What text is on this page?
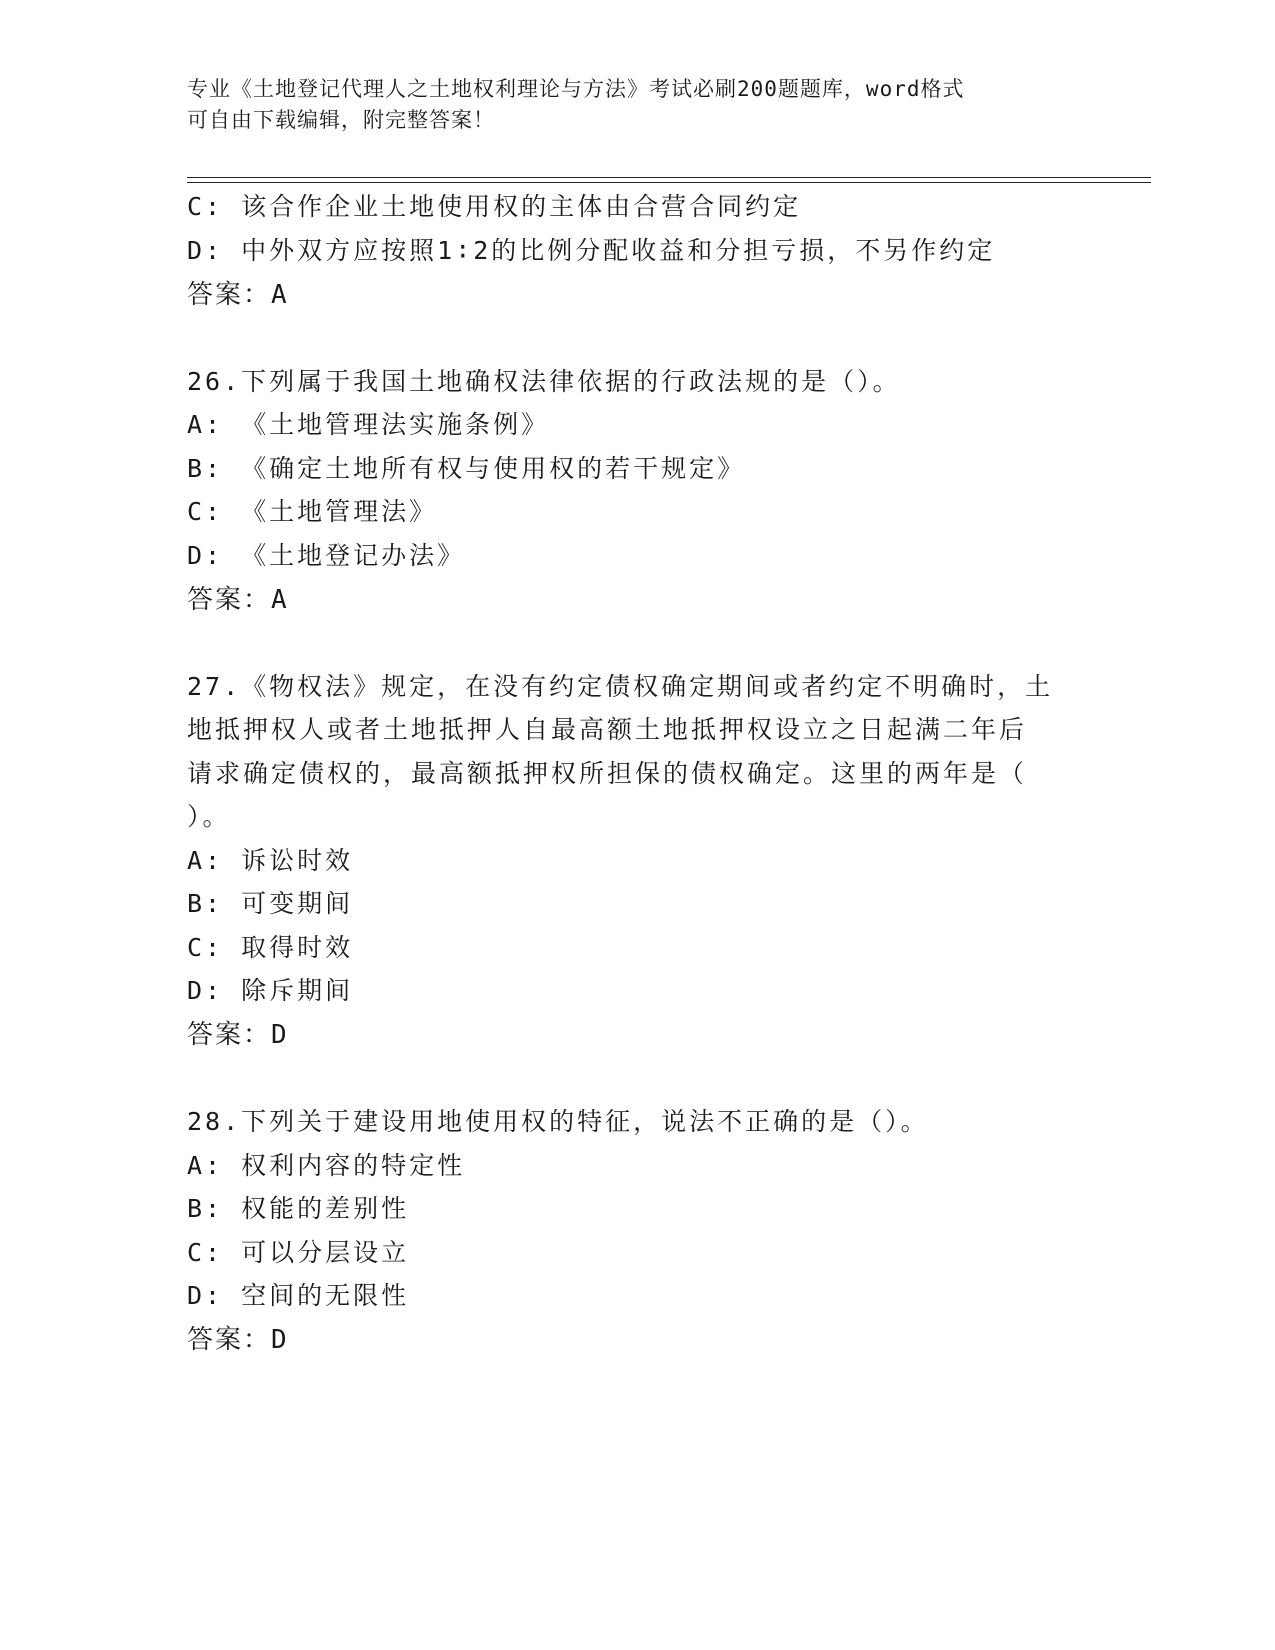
专业《土地登记代理人之土地权利理论与方法》考试必刷200题题库，word格式
可自由下载编辑，附完整答案！
C: 该合作企业土地使用权的主体由合营合同约定
D: 中外双方应按照1∶2的比例分配收益和分担亏损，不另作约定
答案：A
26.下列属于我国土地确权法律依据的行政法规的是（）。
A: 《土地管理法实施条例》
B: 《确定土地所有权与使用权的若干规定》
C: 《土地管理法》
D: 《土地登记办法》
答案：A
27.《物权法》规定，在没有约定债权确定期间或者约定不明确时，土
地抵押权人或者土地抵押人自最高额土地抵押权设立之日起满二年后
请求确定债权的，最高额抵押权所担保的债权确定。这里的两年是（
）。
A: 诉讼时效
B: 可变期间
C: 取得时效
D: 除斥期间
答案：D
28.下列关于建设用地使用权的特征，说法不正确的是（）。
A: 权利内容的特定性
B: 权能的差别性
C: 可以分层设立
D: 空间的无限性
答案：D
